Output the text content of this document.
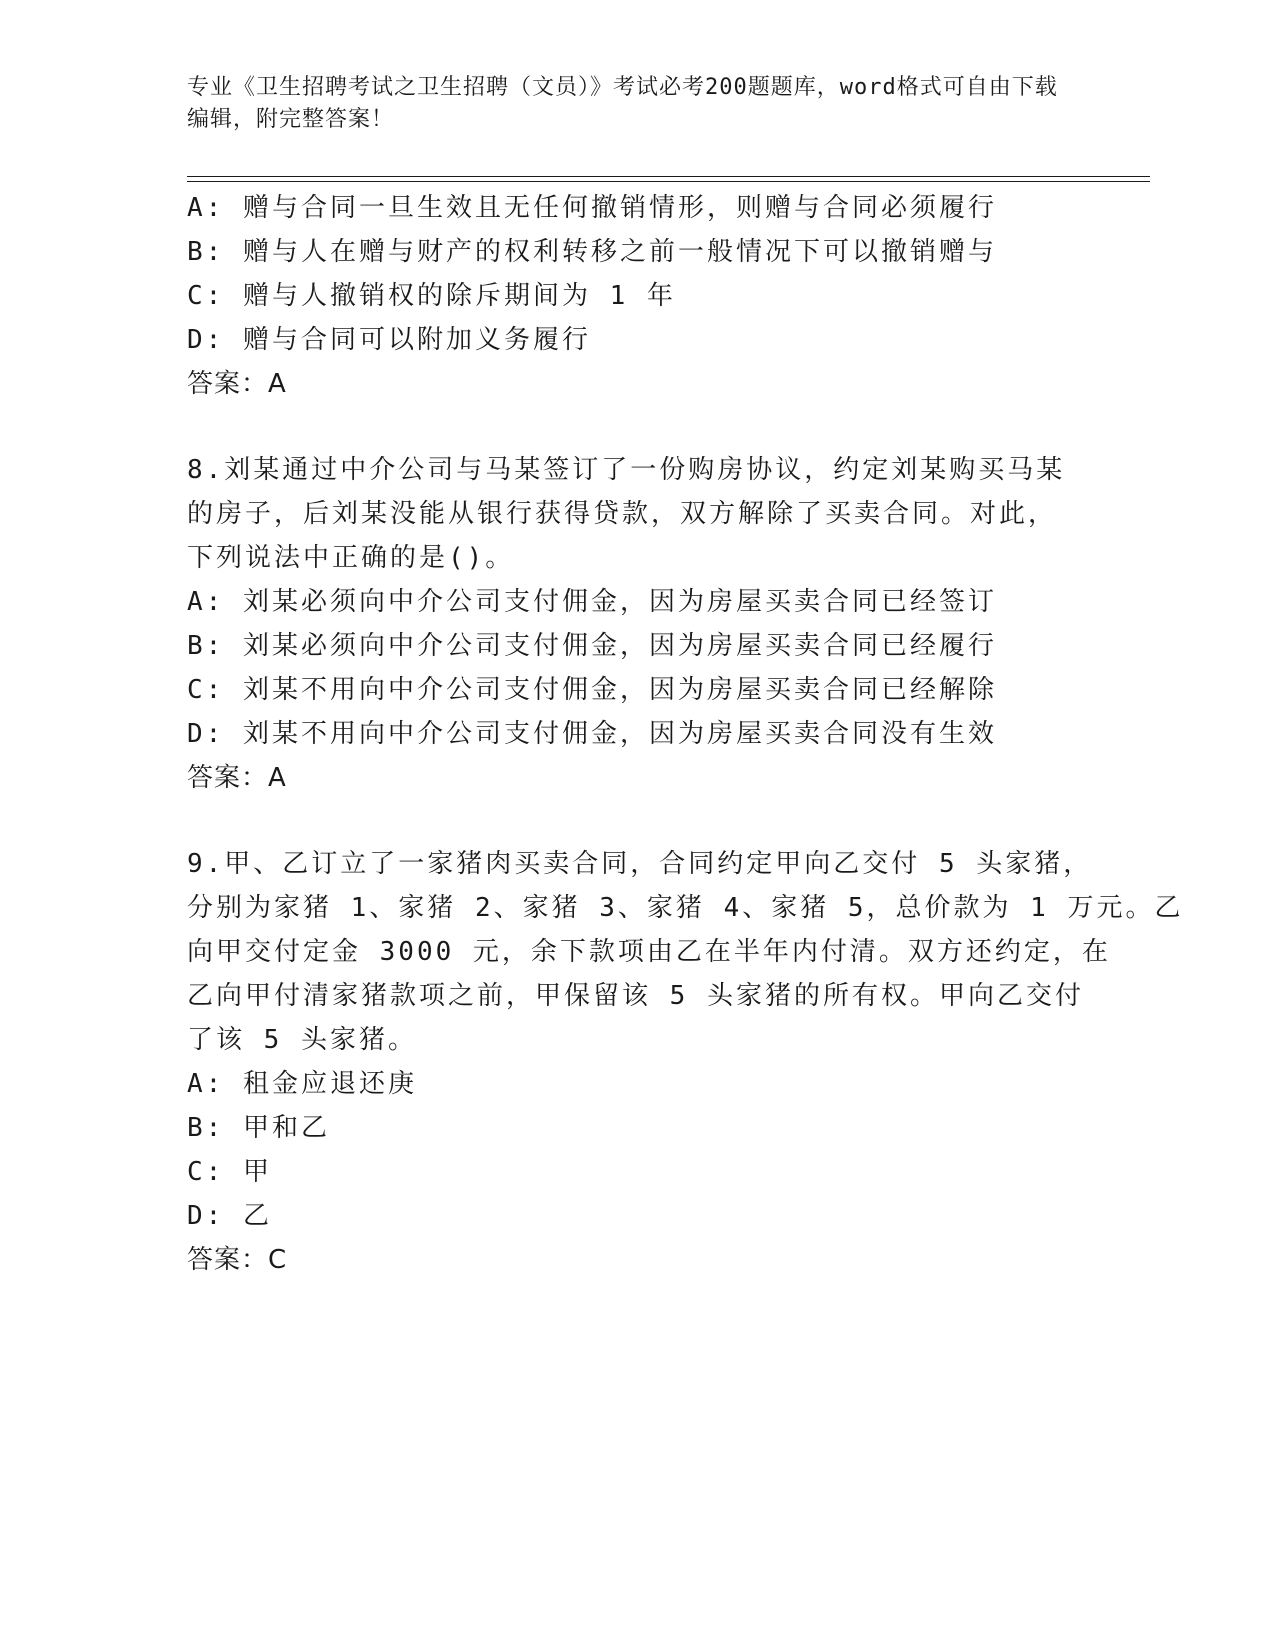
专业《卫生招聘考试之卫生招聘（文员）》考试必考200题题库，word格式可自由下载编辑，附完整答案！
A: 赠与合同一旦生效且无任何撤销情形，则赠与合同必须履行
B: 赠与人在赠与财产的权利转移之前一般情况下可以撤销赠与
C: 赠与人撤销权的除斥期间为 1 年
D: 赠与合同可以附加义务履行
答案：A
8.刘某通过中介公司与马某签订了一份购房协议，约定刘某购买马某
的房子，后刘某没能从银行获得贷款，双方解除了买卖合同。对此，
下列说法中正确的是()。
A: 刘某必须向中介公司支付佣金，因为房屋买卖合同已经签订
B: 刘某必须向中介公司支付佣金，因为房屋买卖合同已经履行
C: 刘某不用向中介公司支付佣金，因为房屋买卖合同已经解除
D: 刘某不用向中介公司支付佣金，因为房屋买卖合同没有生效
答案：A
9.甲、乙订立了一家猪肉买卖合同，合同约定甲向乙交付 5 头家猪，
分别为家猪 1、家猪 2、家猪 3、家猪 4、家猪 5，总价款为 1 万元。乙
向甲交付定金 3000 元，余下款项由乙在半年内付清。双方还约定，在
乙向甲付清家猪款项之前，甲保留该 5 头家猪的所有权。甲向乙交付
了该 5 头家猪。
A: 租金应退还庚
B: 甲和乙
C: 甲
D: 乙
答案：C
